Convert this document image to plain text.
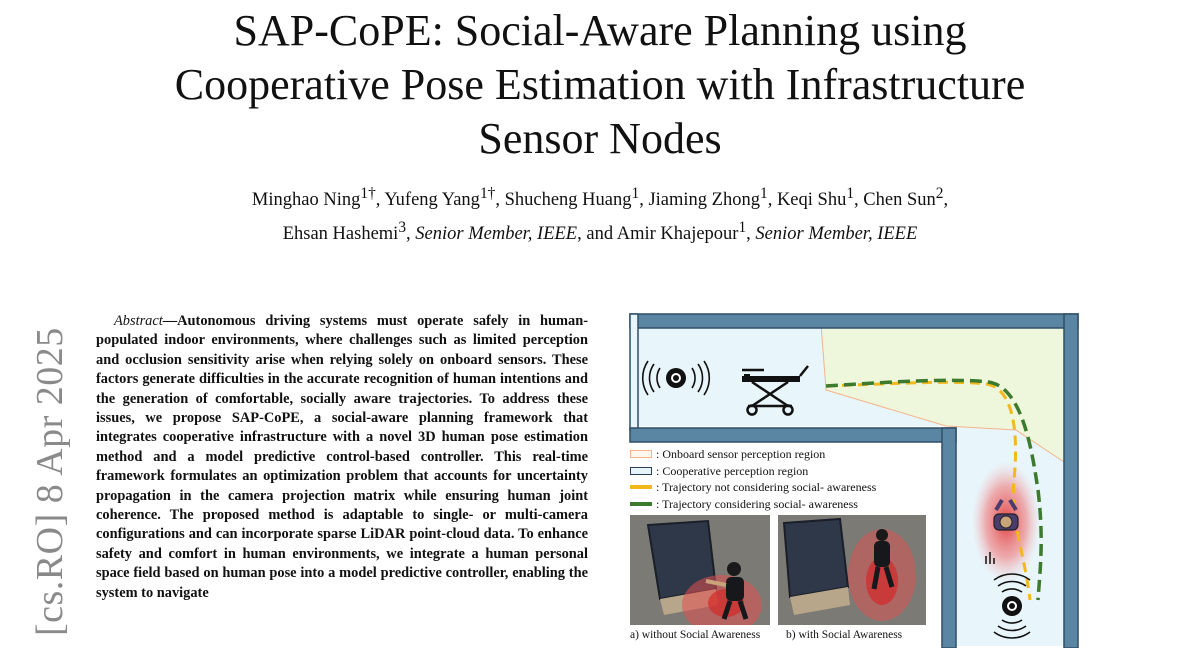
SAP-CoPE: Social-Aware Planning using
Cooperative Pose Estimation with Infrastructure
Sensor Nodes
Minghao Ning$^{1\dagger}$, Yufeng Yang$^{1\dagger}$, Shucheng Huang$^1$, Jiaming Zhong$^1$, Keqi Shu$^1$, Chen Sun$^2$,
Ehsan Hashemi$^3$, Senior Member, IEEE, and Amir Khajepour$^1$, Senior Member, IEEE
[cs.RO] 8 Apr 2025
Abstract—Autonomous driving systems must operate safely in human-populated indoor environments, where challenges such as limited perception and occlusion sensitivity arise when relying solely on onboard sensors. These factors generate difficulties in the accurate recognition of human intentions and the generation of comfortable, socially aware trajectories. To address these issues, we propose SAP-CoPE, a social-aware planning framework that integrates cooperative infrastructure with a novel 3D human pose estimation method and a model predictive control-based controller. This real-time framework formulates an optimization problem that accounts for uncertainty propagation in the camera projection matrix while ensuring human joint coherence. The proposed method is adaptable to single- or multi-camera configurations and can incorporate sparse LiDAR point-cloud data. To enhance safety and comfort in human environments, we integrate a human personal space field based on human pose into a model predictive controller, enabling the system to navigate
: Onboard sensor perception region
: Cooperative perception region
: Trajectory not considering social- awareness
: Trajectory considering social- awareness
a) without Social Awareness b) with Social Awareness
